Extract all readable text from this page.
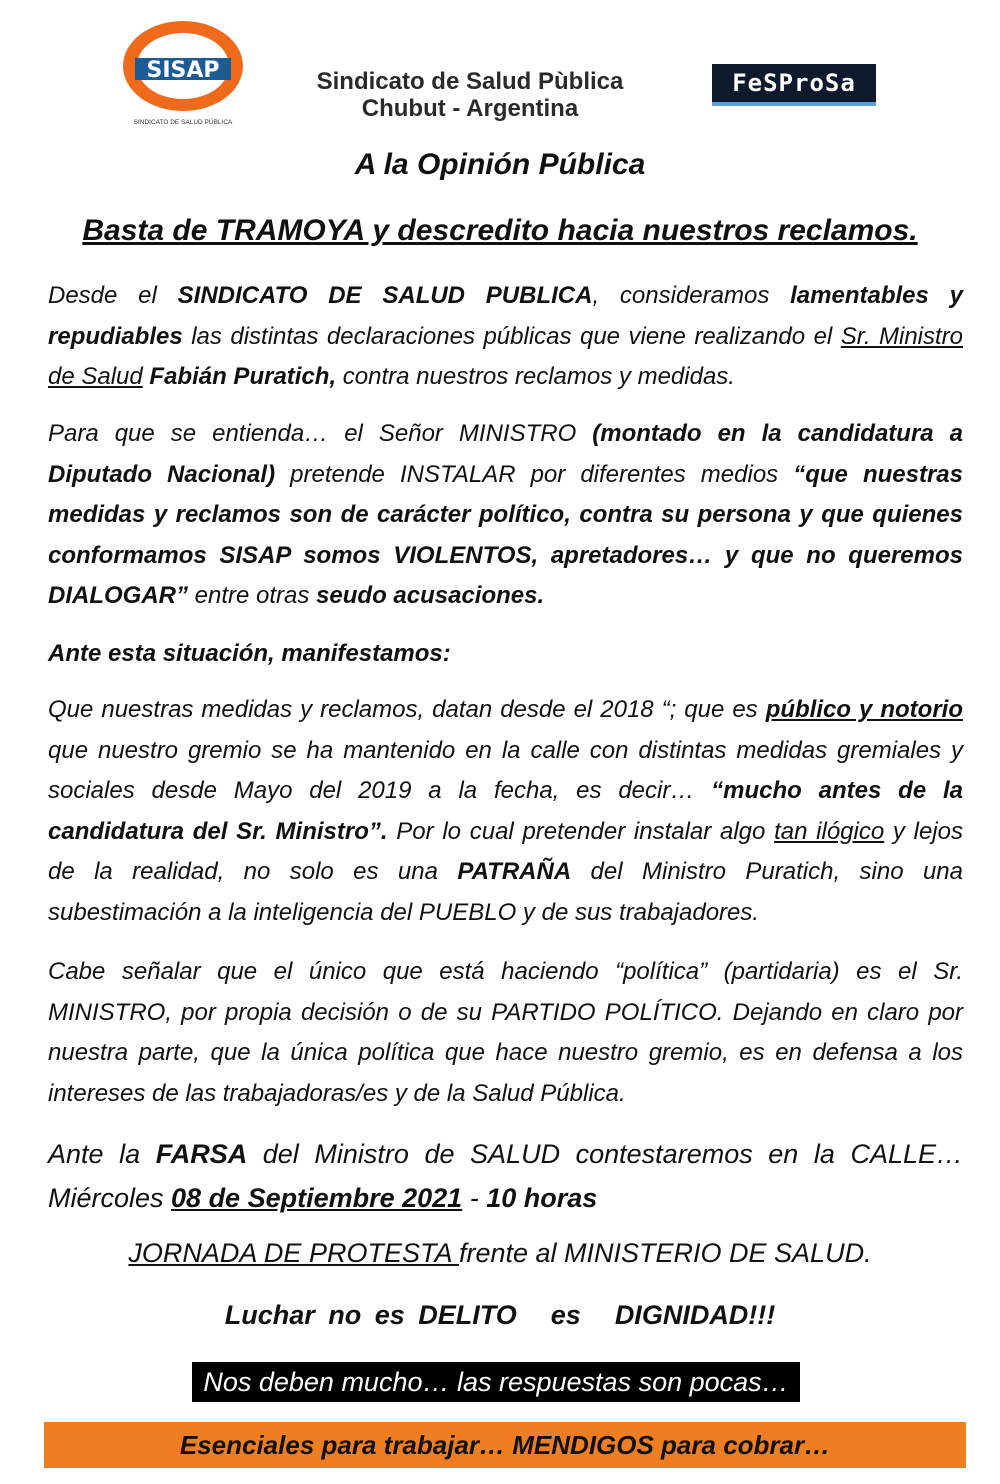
SISAP
SINDICATO DE SALUD PÚBLICA
Sindicato de Salud Pùblica
Chubut - Argentina
FeSProSa
A la Opinión Pública
Basta de TRAMOYA y descredito hacia nuestros reclamos.

Desde el SINDICATO DE SALUD PUBLICA, consideramos lamentables y repudiables las distintas declaraciones públicas que viene realizando el Sr. Ministro de Salud Fabián Puratich, contra nuestros reclamos y medidas.

Para que se entienda… el Señor MINISTRO (montado en la candidatura a Diputado Nacional) pretende INSTALAR por diferentes medios “que nuestras medidas y reclamos son de carácter político, contra su persona y que quienes conformamos SISAP somos VIOLENTOS, apretadores… y que no queremos DIALOGAR” entre otras seudo acusaciones.

Ante esta situación, manifestamos:

Que nuestras medidas y reclamos, datan desde el 2018 “; que es público y notorio que nuestro gremio se ha mantenido en la calle con distintas medidas gremiales y sociales desde Mayo del 2019 a la fecha, es decir… “mucho antes de la candidatura del Sr. Ministro”. Por lo cual pretender instalar algo tan ilógico y lejos de la realidad, no solo es una PATRAÑA del Ministro Puratich, sino una subestimación a la inteligencia del PUEBLO y de sus trabajadores.

Cabe señalar que el único que está haciendo “política” (partidaria) es el Sr. MINISTRO, por propia decisión o de su PARTIDO POLÍTICO. Dejando en claro por nuestra parte, que la única política que hace nuestro gremio, es en defensa a los intereses de las trabajadoras/es y de la Salud Pública.

Ante la FARSA del Ministro de SALUD contestaremos en la CALLE…Miércoles 08 de Septiembre 2021 - 10 horas

JORNADA DE PROTESTA frente al MINISTERIO DE SALUD.
Luchar no es DELITO es DIGNIDAD!!!
Nos deben mucho… las respuestas son pocas…
Esenciales para trabajar… MENDIGOS para cobrar…
